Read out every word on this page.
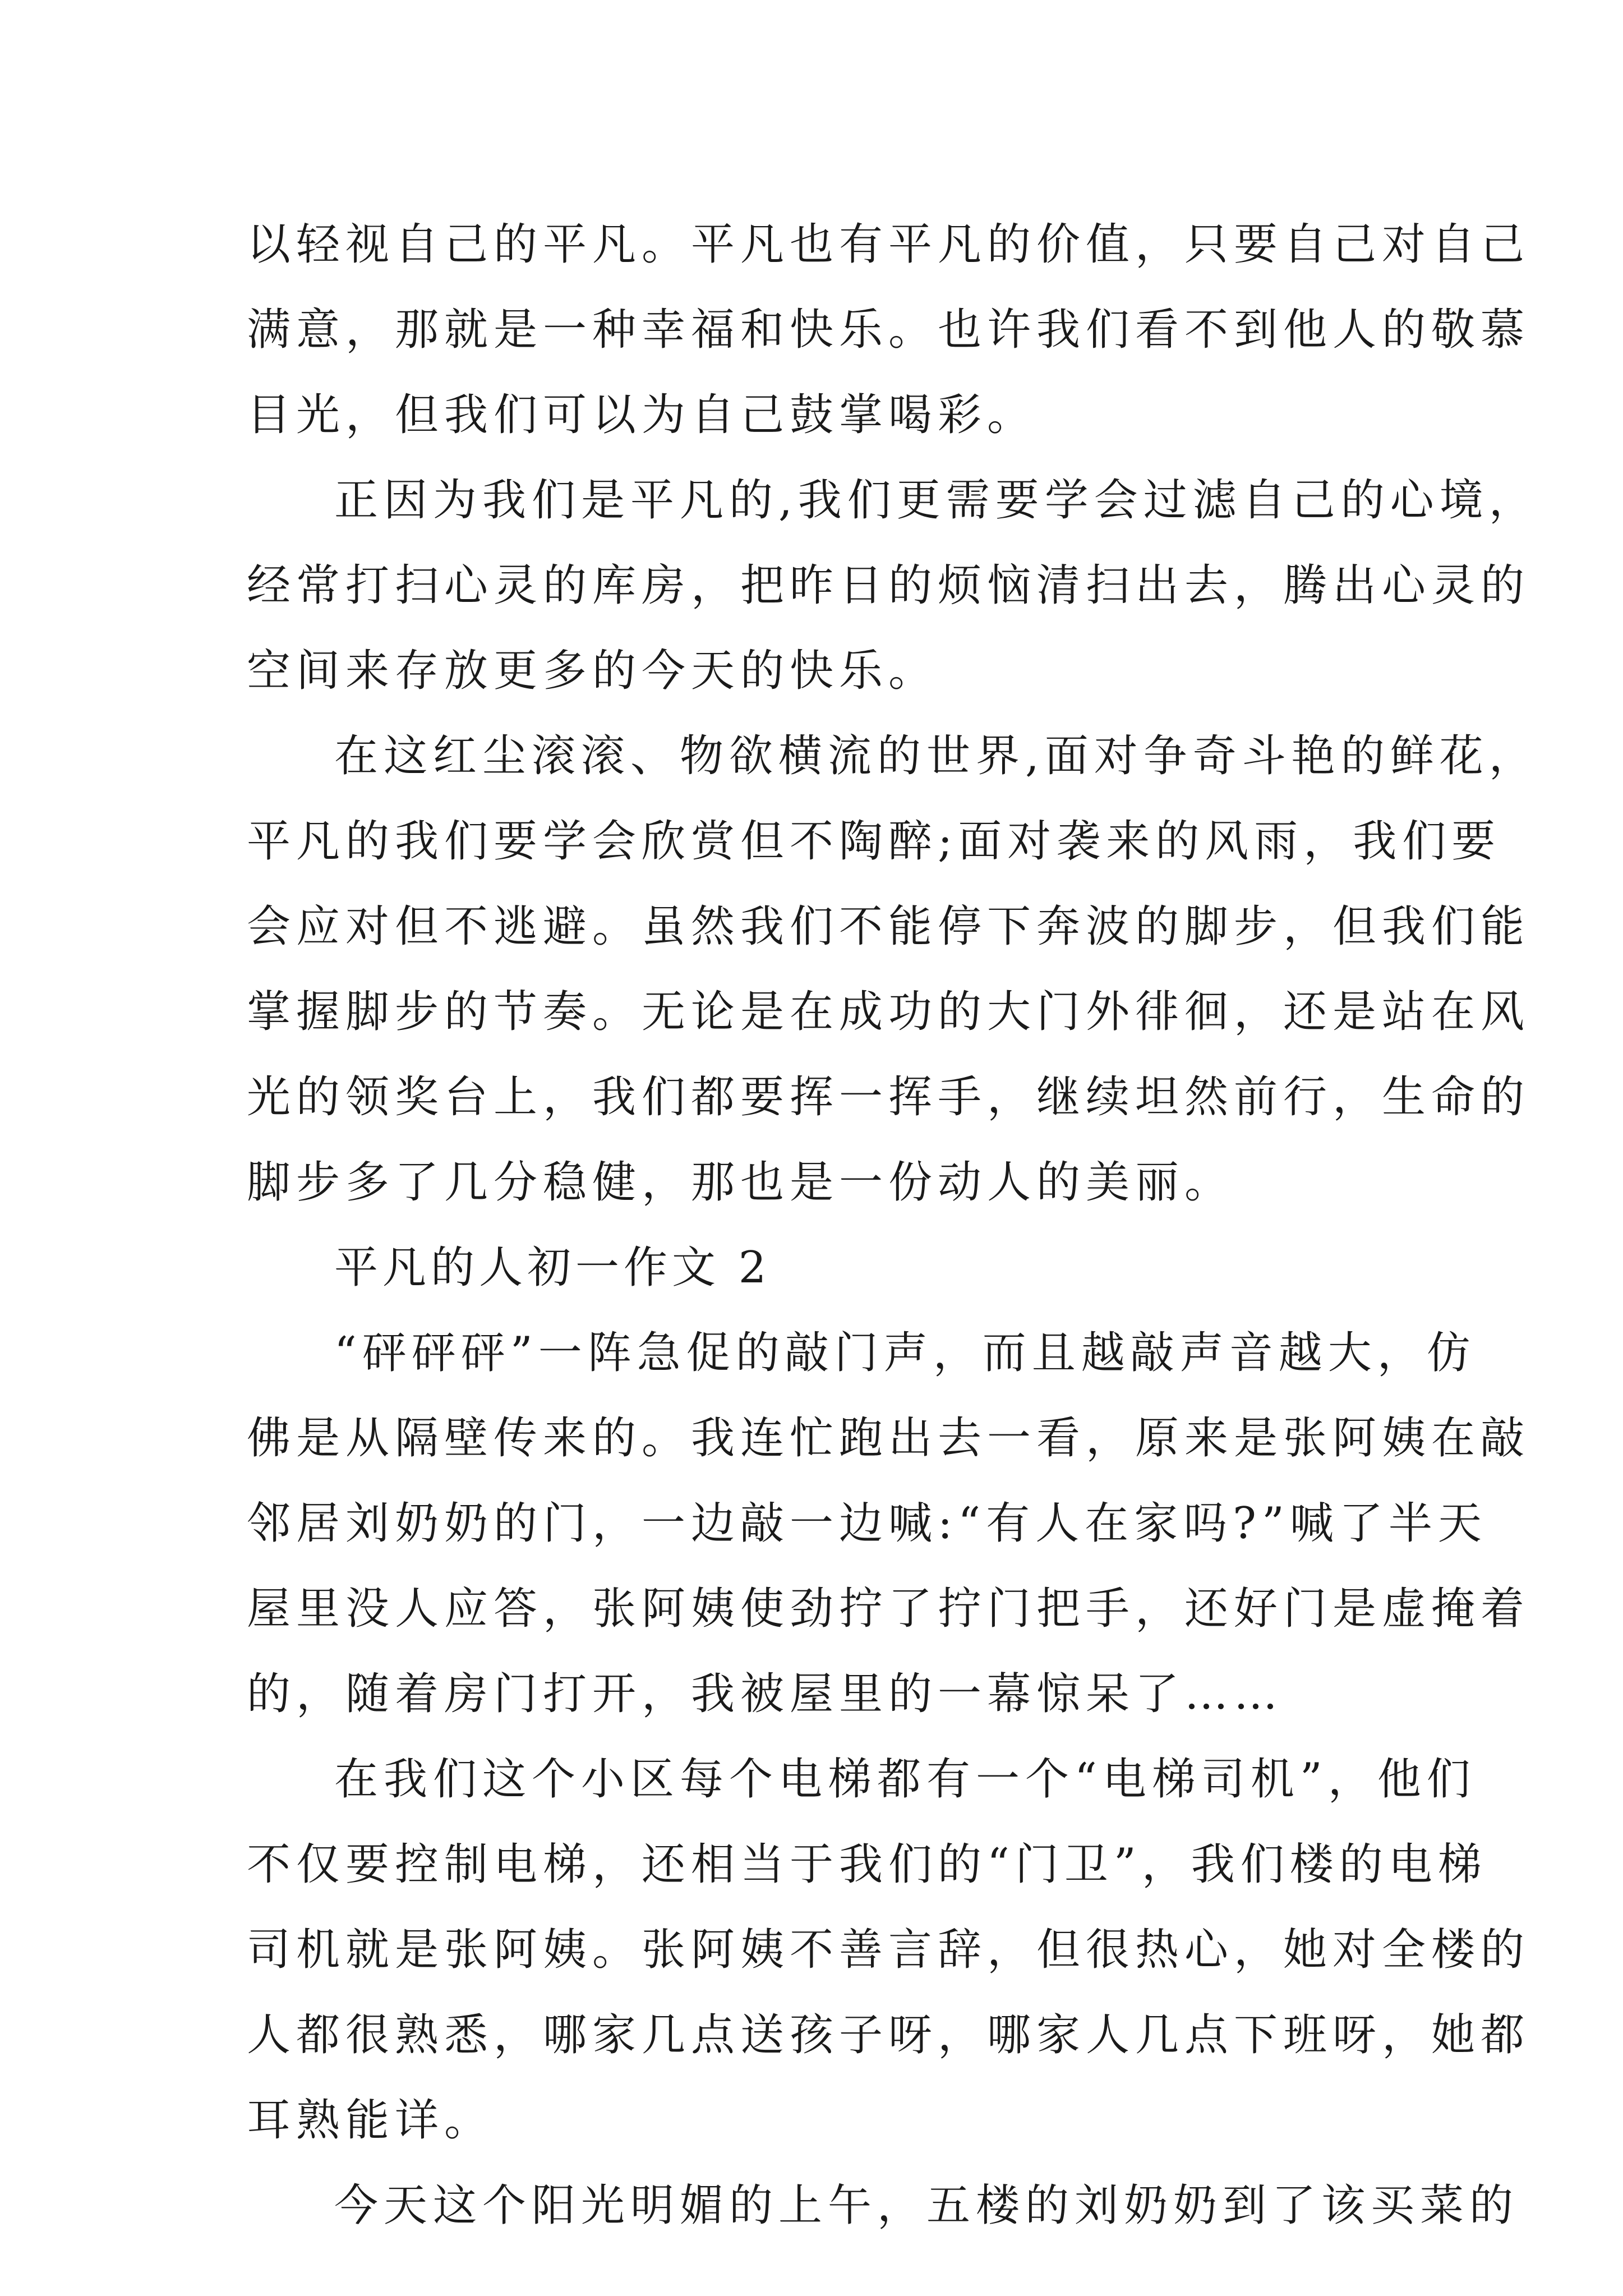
以轻视自己的平凡。平凡也有平凡的价值，只要自己对自己
满意，那就是一种幸福和快乐。也许我们看不到他人的敬慕
目光，但我们可以为自己鼓掌喝彩。
正因为我们是平凡的,我们更需要学会过滤自己的心境，
经常打扫心灵的库房，把昨日的烦恼清扫出去，腾出心灵的
空间来存放更多的今天的快乐。
在这红尘滚滚、物欲横流的世界,面对争奇斗艳的鲜花，
平凡的我们要学会欣赏但不陶醉;面对袭来的风雨，我们要
会应对但不逃避。虽然我们不能停下奔波的脚步，但我们能
掌握脚步的节奏。无论是在成功的大门外徘徊，还是站在风
光的领奖台上，我们都要挥一挥手，继续坦然前行，生命的
脚步多了几分稳健，那也是一份动人的美丽。
平凡的人初一作文 2
“砰砰砰”一阵急促的敲门声，而且越敲声音越大，仿
佛是从隔壁传来的。我连忙跑出去一看，原来是张阿姨在敲
邻居刘奶奶的门，一边敲一边喊:“有人在家吗?”喊了半天
屋里没人应答，张阿姨使劲拧了拧门把手，还好门是虚掩着
的，随着房门打开，我被屋里的一幕惊呆了……
在我们这个小区每个电梯都有一个“电梯司机”，他们
不仅要控制电梯，还相当于我们的“门卫”，我们楼的电梯
司机就是张阿姨。张阿姨不善言辞，但很热心，她对全楼的
人都很熟悉，哪家几点送孩子呀，哪家人几点下班呀，她都
耳熟能详。
今天这个阳光明媚的上午，五楼的刘奶奶到了该买菜的
